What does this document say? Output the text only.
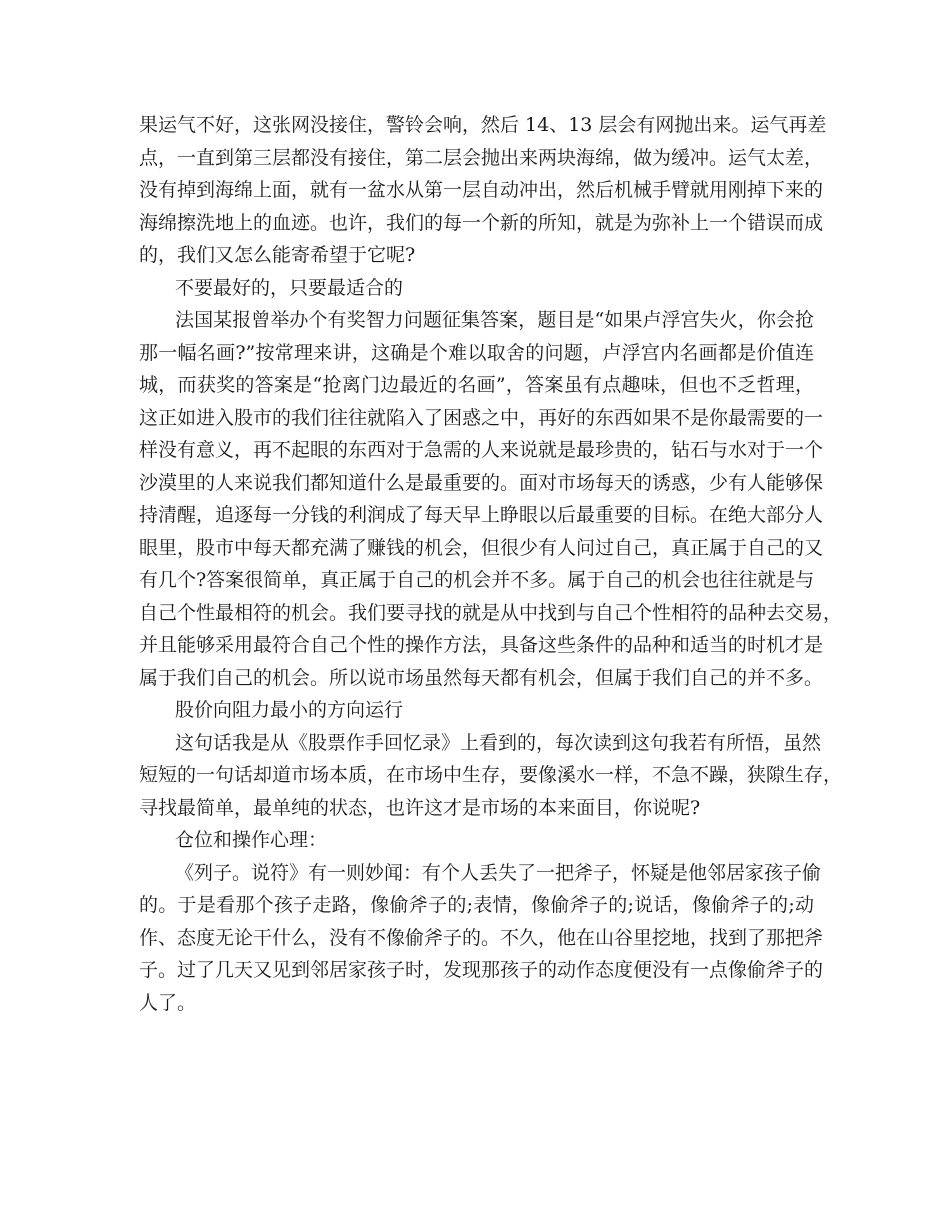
果运气不好，这张网没接住，警铃会响，然后 14、13 层会有网抛出来。运气再差
点，一直到第三层都没有接住，第二层会抛出来两块海绵，做为缓冲。运气太差，
没有掉到海绵上面，就有一盆水从第一层自动冲出，然后机械手臂就用刚掉下来的
海绵擦洗地上的血迹。也许，我们的每一个新的所知，就是为弥补上一个错误而成
的，我们又怎么能寄希望于它呢?
不要最好的，只要最适合的
法国某报曾举办个有奖智力问题征集答案，题目是“如果卢浮宫失火，你会抢
那一幅名画?”按常理来讲，这确是个难以取舍的问题，卢浮宫内名画都是价值连
城，而获奖的答案是“抢离门边最近的名画”，答案虽有点趣味，但也不乏哲理，
这正如进入股市的我们往往就陷入了困惑之中，再好的东西如果不是你最需要的一
样没有意义，再不起眼的东西对于急需的人来说就是最珍贵的，钻石与水对于一个
沙漠里的人来说我们都知道什么是最重要的。面对市场每天的诱惑，少有人能够保
持清醒，追逐每一分钱的利润成了每天早上睁眼以后最重要的目标。在绝大部分人
眼里，股市中每天都充满了赚钱的机会，但很少有人问过自己，真正属于自己的又
有几个?答案很简单，真正属于自己的机会并不多。属于自己的机会也往往就是与
自己个性最相符的机会。我们要寻找的就是从中找到与自己个性相符的品种去交易，
并且能够采用最符合自己个性的操作方法，具备这些条件的品种和适当的时机才是
属于我们自己的机会。所以说市场虽然每天都有机会，但属于我们自己的并不多。
股价向阻力最小的方向运行
这句话我是从《股票作手回忆录》上看到的，每次读到这句我若有所悟，虽然
短短的一句话却道市场本质，在市场中生存，要像溪水一样，不急不躁，狭隙生存，
寻找最简单，最单纯的状态，也许这才是市场的本来面目，你说呢?
仓位和操作心理：
《列子。说符》有一则妙闻：有个人丢失了一把斧子，怀疑是他邻居家孩子偷
的。于是看那个孩子走路，像偷斧子的;表情，像偷斧子的;说话，像偷斧子的;动
作、态度无论干什么，没有不像偷斧子的。不久，他在山谷里挖地，找到了那把斧
子。过了几天又见到邻居家孩子时，发现那孩子的动作态度便没有一点像偷斧子的
人了。
